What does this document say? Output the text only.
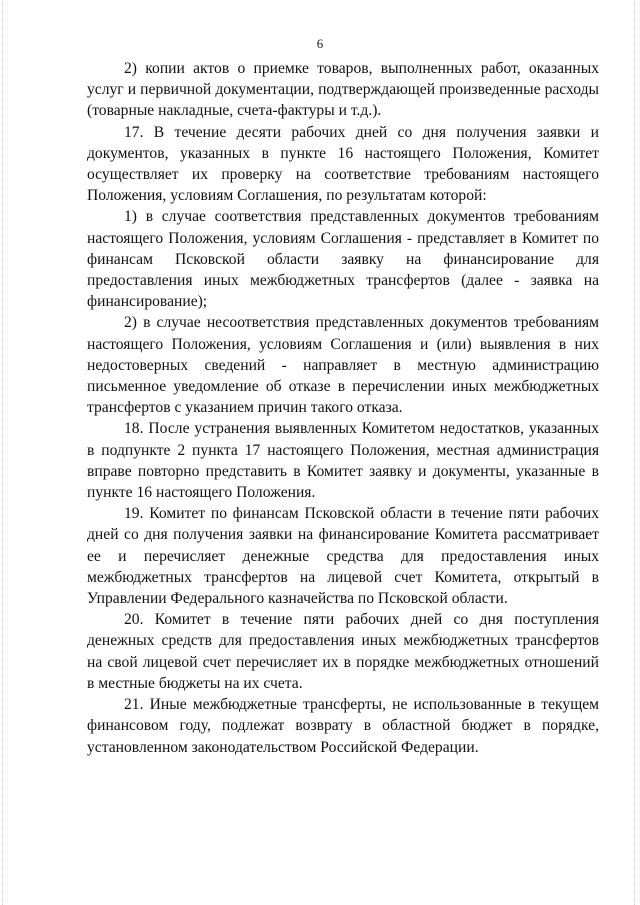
6

2) копии актов о приемке товаров, выполненных работ, оказанных услуг и первичной документации, подтверждающей произведенные расходы (товарные накладные, счета-фактуры и т.д.).

17. В течение десяти рабочих дней со дня получения заявки и документов, указанных в пункте 16 настоящего Положения, Комитет осуществляет их проверку на соответствие требованиям настоящего Положения, условиям Соглашения, по результатам которой:

1) в случае соответствия представленных документов требованиям настоящего Положения, условиям Соглашения - представляет в Комитет по финансам Псковской области заявку на финансирование для предоставления иных межбюджетных трансфертов (далее - заявка на финансирование);

2) в случае несоответствия представленных документов требованиям настоящего Положения, условиям Соглашения и (или) выявления в них недостоверных сведений - направляет в местную администрацию письменное уведомление об отказе в перечислении иных межбюджетных трансфертов с указанием причин такого отказа.

18. После устранения выявленных Комитетом недостатков, указанных в подпункте 2 пункта 17 настоящего Положения, местная администрация вправе повторно представить в Комитет заявку и документы, указанные в пункте 16 настоящего Положения.

19. Комитет по финансам Псковской области в течение пяти рабочих дней со дня получения заявки на финансирование Комитета рассматривает ее и перечисляет денежные средства для предоставления иных межбюджетных трансфертов на лицевой счет Комитета, открытый в Управлении Федерального казначейства по Псковской области.

20. Комитет в течение пяти рабочих дней со дня поступления денежных средств для предоставления иных межбюджетных трансфертов на свой лицевой счет перечисляет их в порядке межбюджетных отношений в местные бюджеты на их счета.

21. Иные межбюджетные трансферты, не использованные в текущем финансовом году, подлежат возврату в областной бюджет в порядке, установленном законодательством Российской Федерации.
